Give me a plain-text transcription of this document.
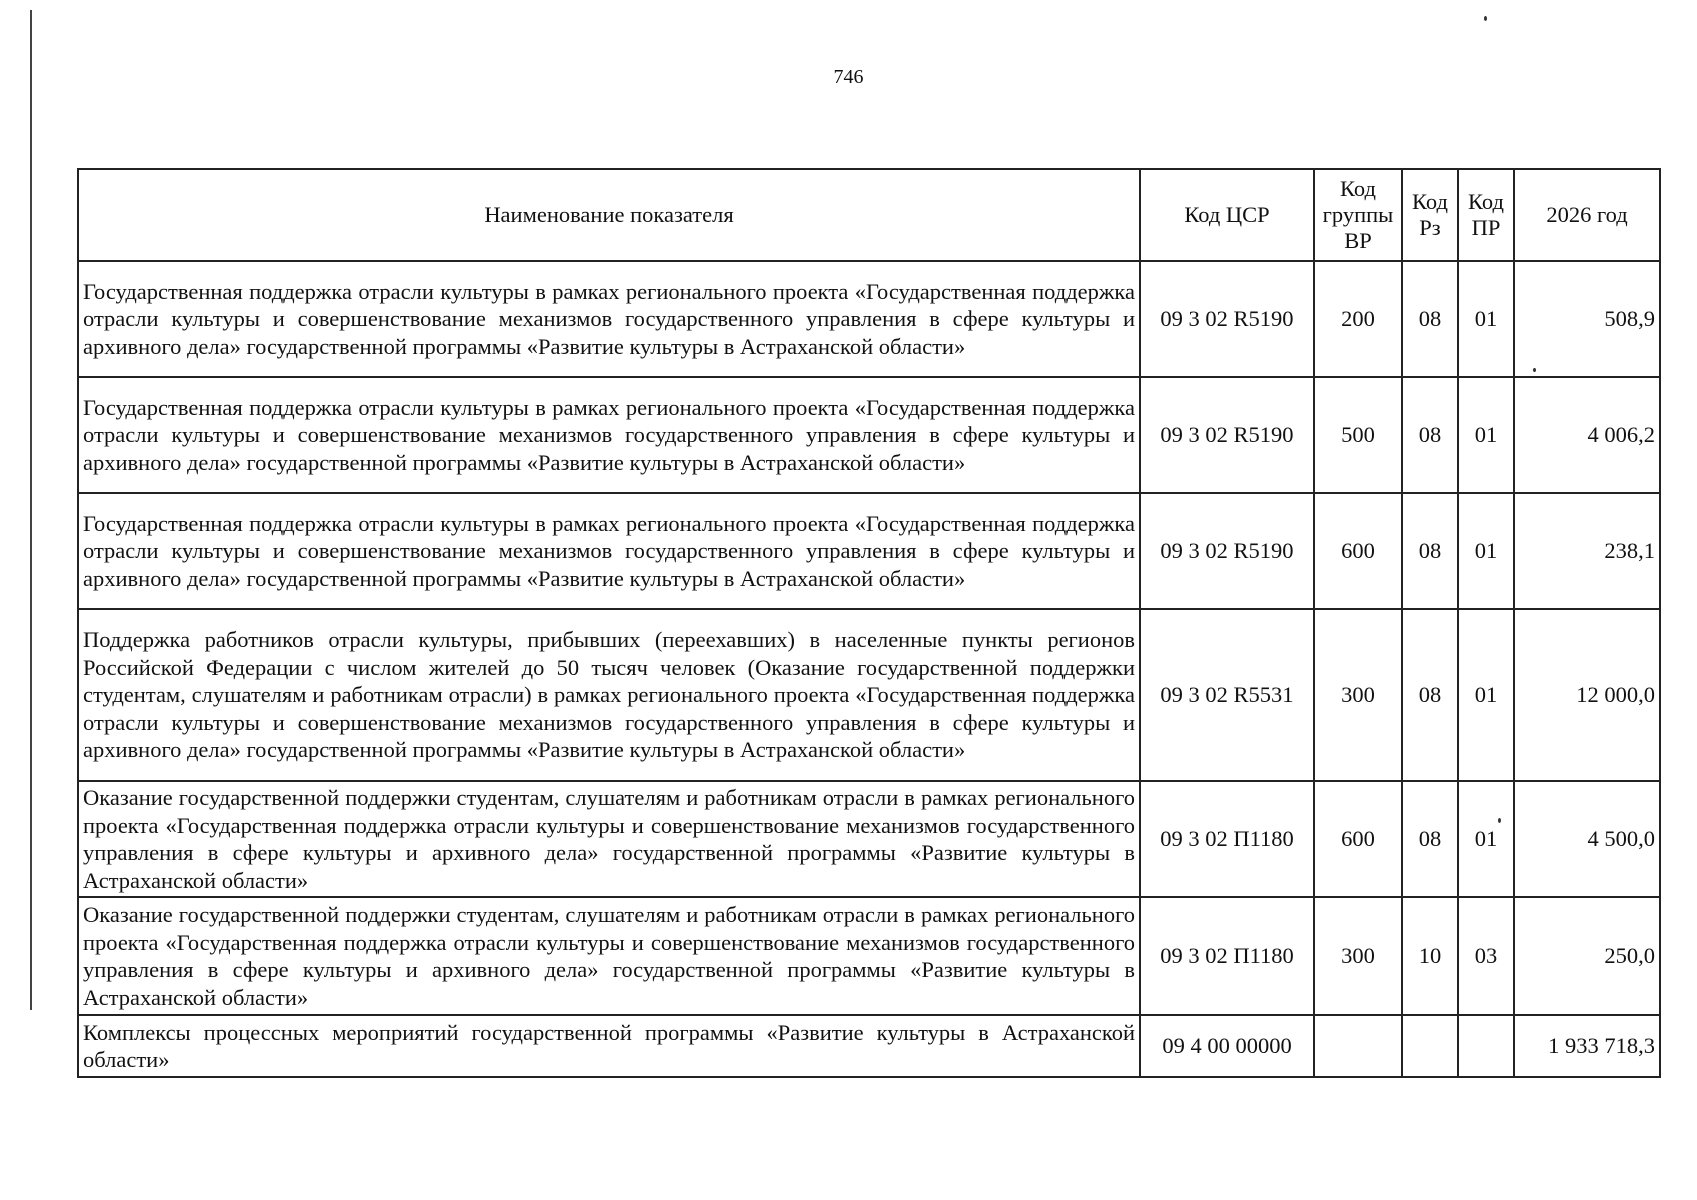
746
Наименование показателя	Код ЦСР	Код группы ВР	Код Рз	Код ПР	2026 год
Государственная поддержка отрасли культуры в рамках регионального проекта «Государственная поддержка отрасли культуры и совершенствование механизмов государственного управления в сфере культуры и архивного дела» государственной программы «Развитие культуры в Астраханской области»	09 3 02 R5190	200	08	01	508,9
Государственная поддержка отрасли культуры в рамках регионального проекта «Государственная поддержка отрасли культуры и совершенствование механизмов государственного управления в сфере культуры и архивного дела» государственной программы «Развитие культуры в Астраханской области»	09 3 02 R5190	500	08	01	4 006,2
Государственная поддержка отрасли культуры в рамках регионального проекта «Государственная поддержка отрасли культуры и совершенствование механизмов государственного управления в сфере культуры и архивного дела» государственной программы «Развитие культуры в Астраханской области»	09 3 02 R5190	600	08	01	238,1
Поддержка работников отрасли культуры, прибывших (переехавших) в населенные пункты регионов Российской Федерации с числом жителей до 50 тысяч человек (Оказание государственной поддержки студентам, слушателям и работникам отрасли) в рамках регионального проекта «Государственная поддержка отрасли культуры и совершенствование механизмов государственного управления в сфере культуры и архивного дела» государственной программы «Развитие культуры в Астраханской области»	09 3 02 R5531	300	08	01	12 000,0
Оказание государственной поддержки студентам, слушателям и работникам отрасли в рамках регионального проекта «Государственная поддержка отрасли культуры и совершенствование механизмов государственного управления в сфере культуры и архивного дела» государственной программы «Развитие культуры в Астраханской области»	09 3 02 П1180	600	08	01	4 500,0
Оказание государственной поддержки студентам, слушателям и работникам отрасли в рамках регионального проекта «Государственная поддержка отрасли культуры и совершенствование механизмов государственного управления в сфере культуры и архивного дела» государственной программы «Развитие культуры в Астраханской области»	09 3 02 П1180	300	10	03	250,0
Комплексы процессных мероприятий государственной программы «Развитие культуры в Астраханской области»	09 4 00 00000				1 933 718,3
